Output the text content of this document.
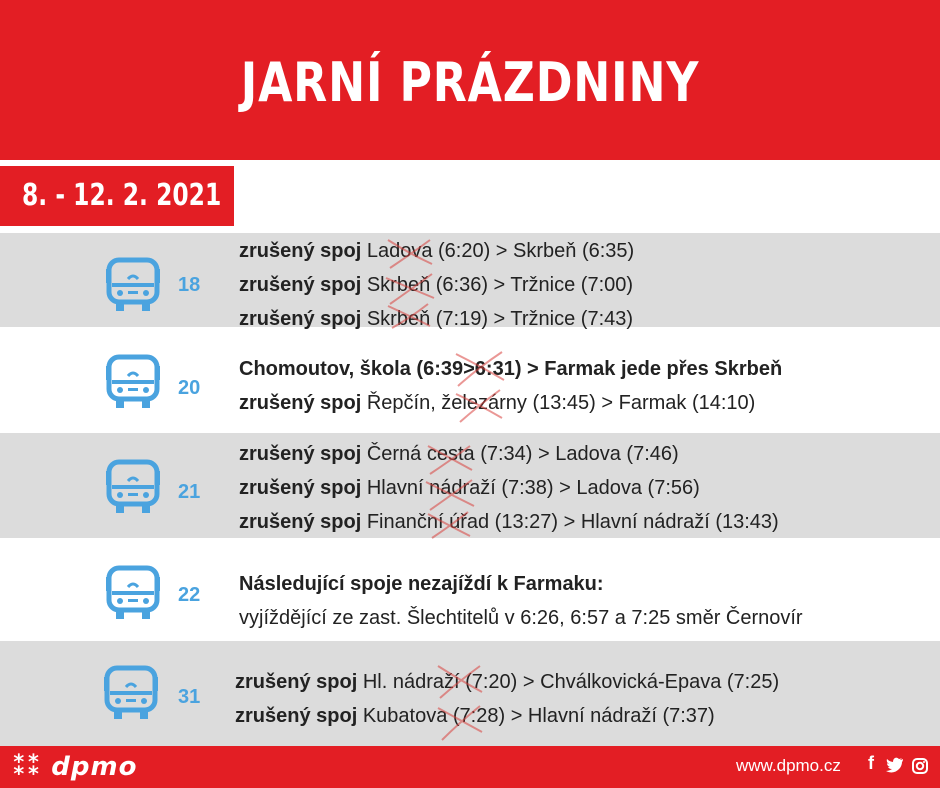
JARNÍ PRÁZDNINY
8. - 12. 2. 2021
18
zrušený spoj Ladova (6:20) > Skrbeň (6:35)
zrušený spoj Skrbeň (6:36) > Tržnice (7:00)
zrušený spoj Skrbeň (7:19) > Tržnice (7:43)
20
Chomoutov, škola (6:39>6:31) > Farmak jede přes Skrbeň
zrušený spoj Řepčín, železárny (13:45) > Farmak (14:10)
21
zrušený spoj Černá cesta (7:34) > Ladova (7:46)
zrušený spoj Hlavní nádraží (7:38) > Ladova (7:56)
zrušený spoj Finanční úřad (13:27) > Hlavní nádraží (13:43)
22	Následující spoje nezajíždí k Farmaku:
vyjíždějící ze zast. Šlechtitelů v 6:26, 6:57 a 7:25 směr Černovír
31
zrušený spoj Hl. nádraží (7:20) > Chválkovická-Epava (7:25)
zrušený spoj Kubatova (7:28) > Hlavní nádraží (7:37)
⁑⁑ dpmo	www.dpmo.cz f
